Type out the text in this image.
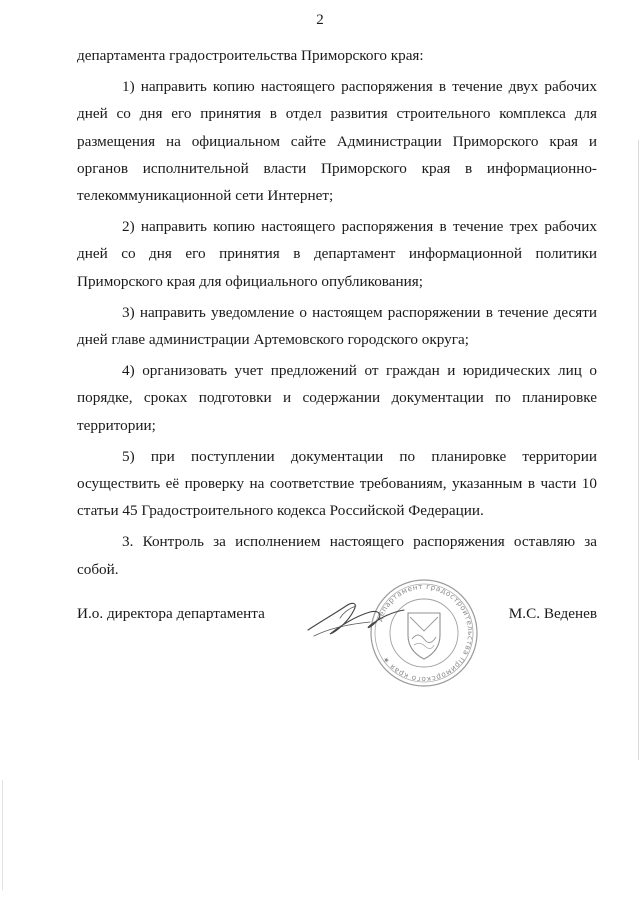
2

департамента градостроительства Приморского края:

1) направить копию настоящего распоряжения в течение двух рабочих дней со дня его принятия в отдел развития строительного комплекса для размещения на официальном сайте Администрации Приморского края и органов исполнительной власти Приморского края в информационно-телекоммуникационной сети Интернет;

2) направить копию настоящего распоряжения в течение трех рабочих дней со дня его принятия в департамент информационной политики Приморского края для официального опубликования;

3) направить уведомление о настоящем распоряжении в течение десяти дней главе администрации Артемовского городского округа;

4) организовать учет предложений от граждан и юридических лиц о порядке, сроках подготовки и содержании документации по планировке территории;

5) при поступлении документации по планировке территории осуществить её проверку на соответствие требованиям, указанным в части 10 статьи 45 Градостроительного кодекса Российской Федерации.

3. Контроль за исполнением настоящего распоряжения оставляю за собой.

департамент градостроительства Приморского края ★
И.о. директора департамента	М.С. Веденев
